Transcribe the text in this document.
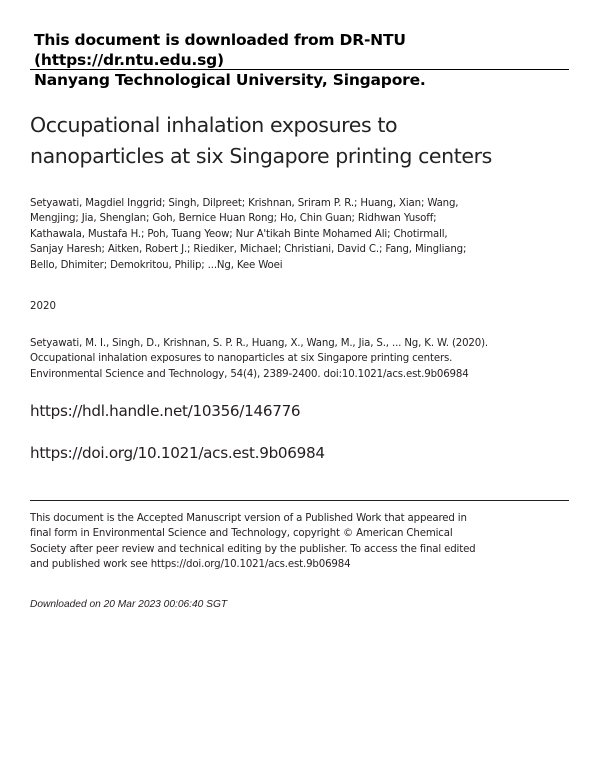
This document is downloaded from DR-NTU (https://dr.ntu.edu.sg)
Nanyang Technological University, Singapore.
Occupational inhalation exposures to
nanoparticles at six Singapore printing centers
Setyawati, Magdiel Inggrid; Singh, Dilpreet; Krishnan, Sriram P. R.; Huang, Xian; Wang,
Mengjing; Jia, Shenglan; Goh, Bernice Huan Rong; Ho, Chin Guan; Ridhwan Yusoff;
Kathawala, Mustafa H.; Poh, Tuang Yeow; Nur A'tikah Binte Mohamed Ali; Chotirmall,
Sanjay Haresh; Aitken, Robert J.; Riediker, Michael; Christiani, David C.; Fang, Mingliang;
Bello, Dhimiter; Demokritou, Philip; ...Ng, Kee Woei
2020
Setyawati, M. I., Singh, D., Krishnan, S. P. R., Huang, X., Wang, M., Jia, S., ... Ng, K. W. (2020).
Occupational inhalation exposures to nanoparticles at six Singapore printing centers.
Environmental Science and Technology, 54(4), 2389-2400. doi:10.1021/acs.est.9b06984
https://hdl.handle.net/10356/146776
https://doi.org/10.1021/acs.est.9b06984
This document is the Accepted Manuscript version of a Published Work that appeared in
final form in Environmental Science and Technology, copyright © American Chemical
Society after peer review and technical editing by the publisher. To access the final edited
and published work see https://doi.org/10.1021/acs.est.9b06984
Downloaded on 20 Mar 2023 00:06:40 SGT
